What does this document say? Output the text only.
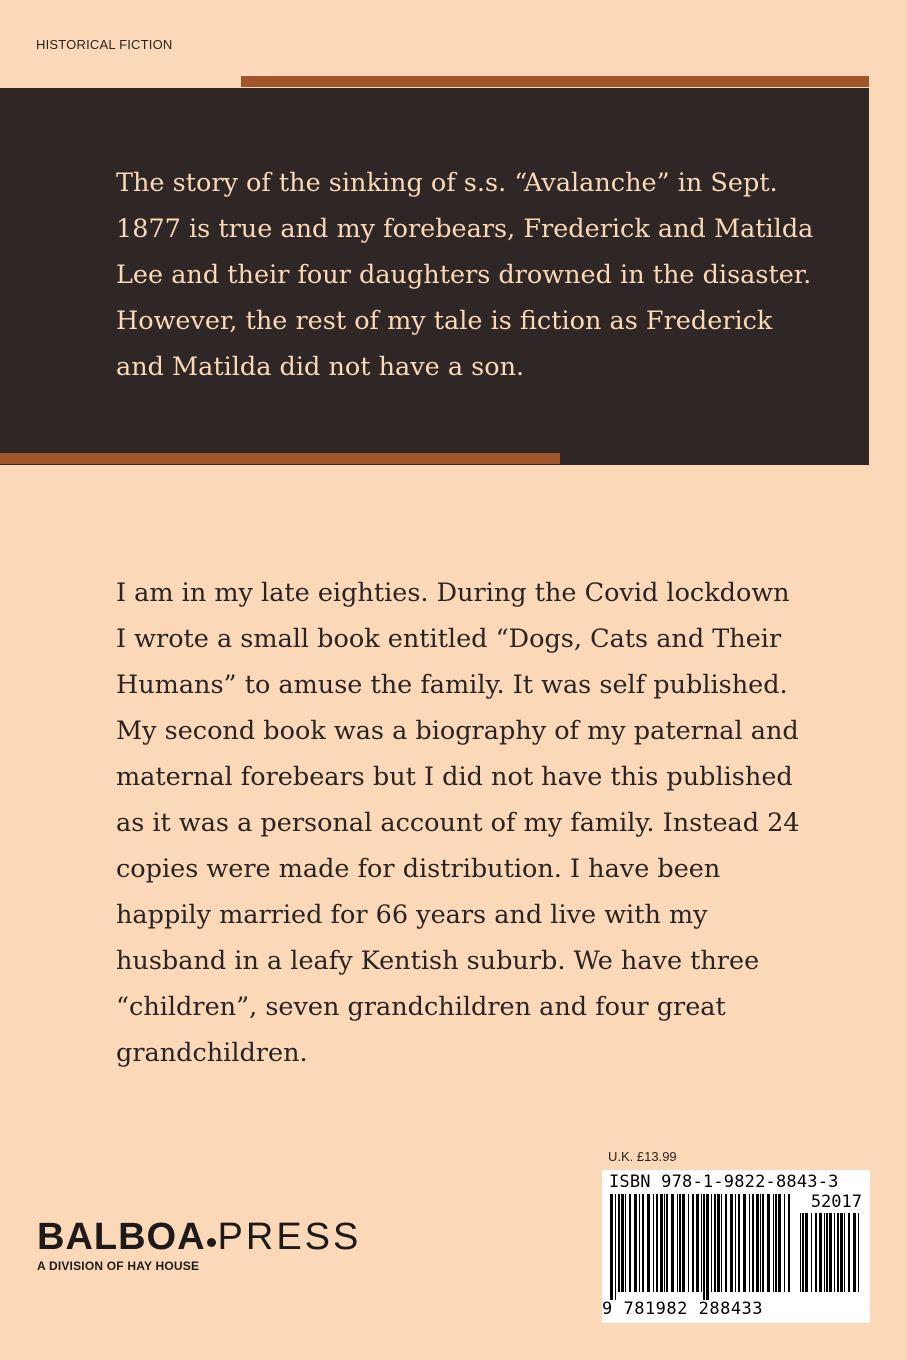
HISTORICAL FICTION

The story of the sinking of s.s. “Avalanche” in Sept. 1877 is true and my forebears, Frederick and Matilda Lee and their four daughters drowned in the disaster. However, the rest of my tale is fiction as Frederick and Matilda did not have a son.

I am in my late eighties. During the Covid lockdown I wrote a small book entitled “Dogs, Cats and Their Humans” to amuse the family. It was self published. My second book was a biography of my paternal and maternal forebears but I did not have this published as it was a personal account of my family. Instead 24 copies were made for distribution. I have been happily married for 66 years and live with my husband in a leafy Kentish suburb. We have three “children”, seven grandchildren and four great grandchildren.

BALBOA PRESS
A DIVISION OF HAY HOUSE
U.K. £13.99
ISBN 978-1-9822-8843-3
52017
9 781982 288433
